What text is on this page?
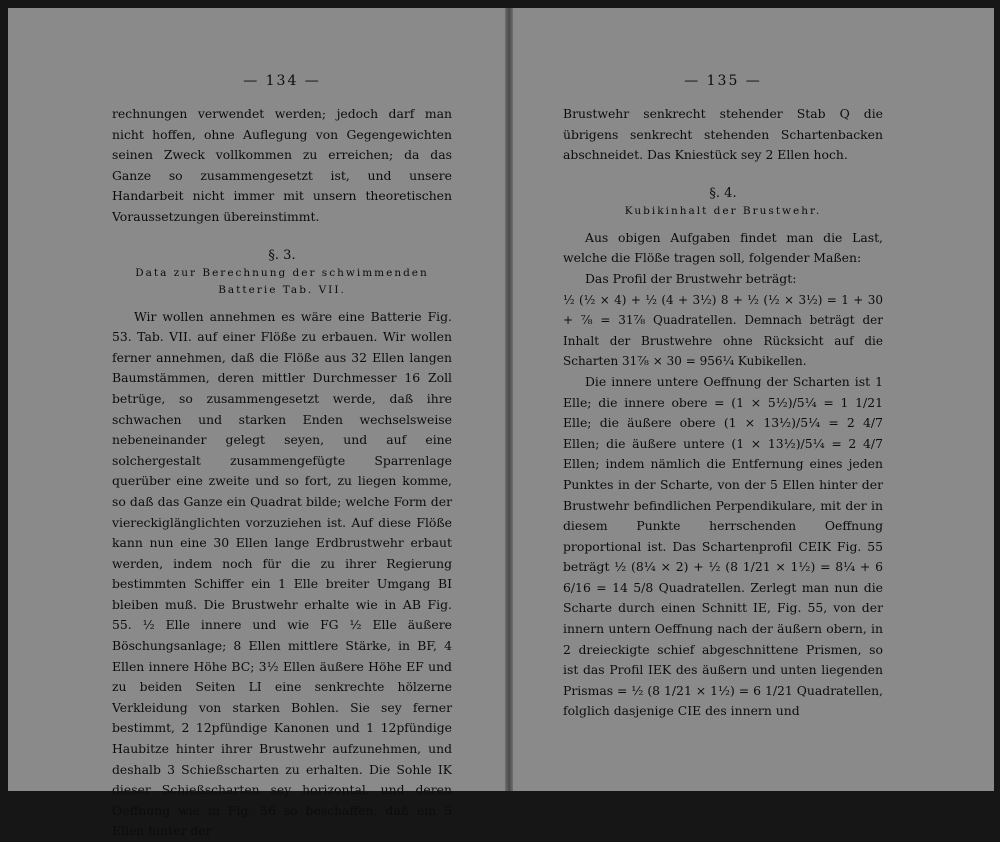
— 134 —

rechnungen verwendet werden; jedoch darf man nicht hoffen, ohne Auflegung von Gegengewichten seinen Zweck vollkommen zu erreichen; da das Ganze so zusammengesetzt ist, und unsere Handarbeit nicht immer mit unsern theoretischen Voraussetzungen übereinstimmt.

§. 3.

Data zur Berechnung der schwimmenden

Batterie Tab. VII.

Wir wollen annehmen es wäre eine Batterie Fig. 53. Tab. VII. auf einer Flöße zu erbauen. Wir wollen ferner annehmen, daß die Flöße aus 32 Ellen langen Baumstämmen, deren mittler Durchmesser 16 Zoll betrüge, so zusammengesetzt werde, daß ihre schwachen und starken Enden wechselsweise nebeneinander gelegt seyen, und auf eine solchergestalt zusammengefügte Sparrenlage querüber eine zweite und so fort, zu liegen komme, so daß das Ganze ein Quadrat bilde; welche Form der viereckiglänglichten vorzuziehen ist. Auf diese Flöße kann nun eine 30 Ellen lange Erdbrustwehr erbaut werden, indem noch für die zu ihrer Regierung bestimmten Schiffer ein 1 Elle breiter Umgang BI bleiben muß. Die Brustwehr erhalte wie in AB Fig. 55. ½ Elle innere und wie FG ½ Elle äußere Böschungsanlage; 8 Ellen mittlere Stärke, in BF, 4 Ellen innere Höhe BC; 3½ Ellen äußere Höhe EF und zu beiden Seiten LI eine senkrechte hölzerne Verkleidung von starken Bohlen. Sie sey ferner bestimmt, 2 12pfündige Kanonen und 1 12pfündige Haubitze hinter ihrer Brustwehr aufzunehmen, und deshalb 3 Schießscharten zu erhalten. Die Sohle IK dieser Schießscharten sey horizontal, und deren Oeffnung wie in Fig. 56 so beschaffen, daß ein 5 Ellen hinter der

— 135 —

Brustwehr senkrecht stehender Stab Q die übrigens senkrecht stehenden Schartenbacken abschneidet. Das Kniestück sey 2 Ellen hoch.

§. 4.

Kubikinhalt der Brustwehr.

Aus obigen Aufgaben findet man die Last, welche die Flöße tragen soll, folgender Maßen:

Das Profil der Brustwehr beträgt:

½ (½ × 4) + ½ (4 + 3½) 8 + ½ (½ × 3½) = 1 + 30 + ⅞ = 31⅞ Quadratellen. Demnach beträgt der Inhalt der Brustwehre ohne Rücksicht auf die Scharten 31⅞ × 30 = 956¼ Kubikellen.

Die innere untere Oeffnung der Scharten ist 1 Elle; die innere obere = (1 × 5½)/5¼ = 1 1/21 Elle; die äußere obere (1 × 13½)/5¼ = 2 4/7 Ellen; die äußere untere (1 × 13½)/5¼ = 2 4/7 Ellen; indem nämlich die Entfernung eines jeden Punktes in der Scharte, von der 5 Ellen hinter der Brustwehr befindlichen Perpendikulare, mit der in diesem Punkte herrschenden Oeffnung proportional ist. Das Schartenprofil CEIK Fig. 55 beträgt ½ (8¼ × 2) + ½ (8 1/21 × 1½) = 8¼ + 6 6/16 = 14 5/8 Quadratellen. Zerlegt man nun die Scharte durch einen Schnitt IE, Fig. 55, von der innern untern Oeffnung nach der äußern obern, in 2 dreieckigte schief abgeschnittene Prismen, so ist das Profil IEK des äußern und unten liegenden Prismas = ½ (8 1/21 × 1½) = 6 1/21 Quadratellen, folglich dasjenige CIE des innern und
